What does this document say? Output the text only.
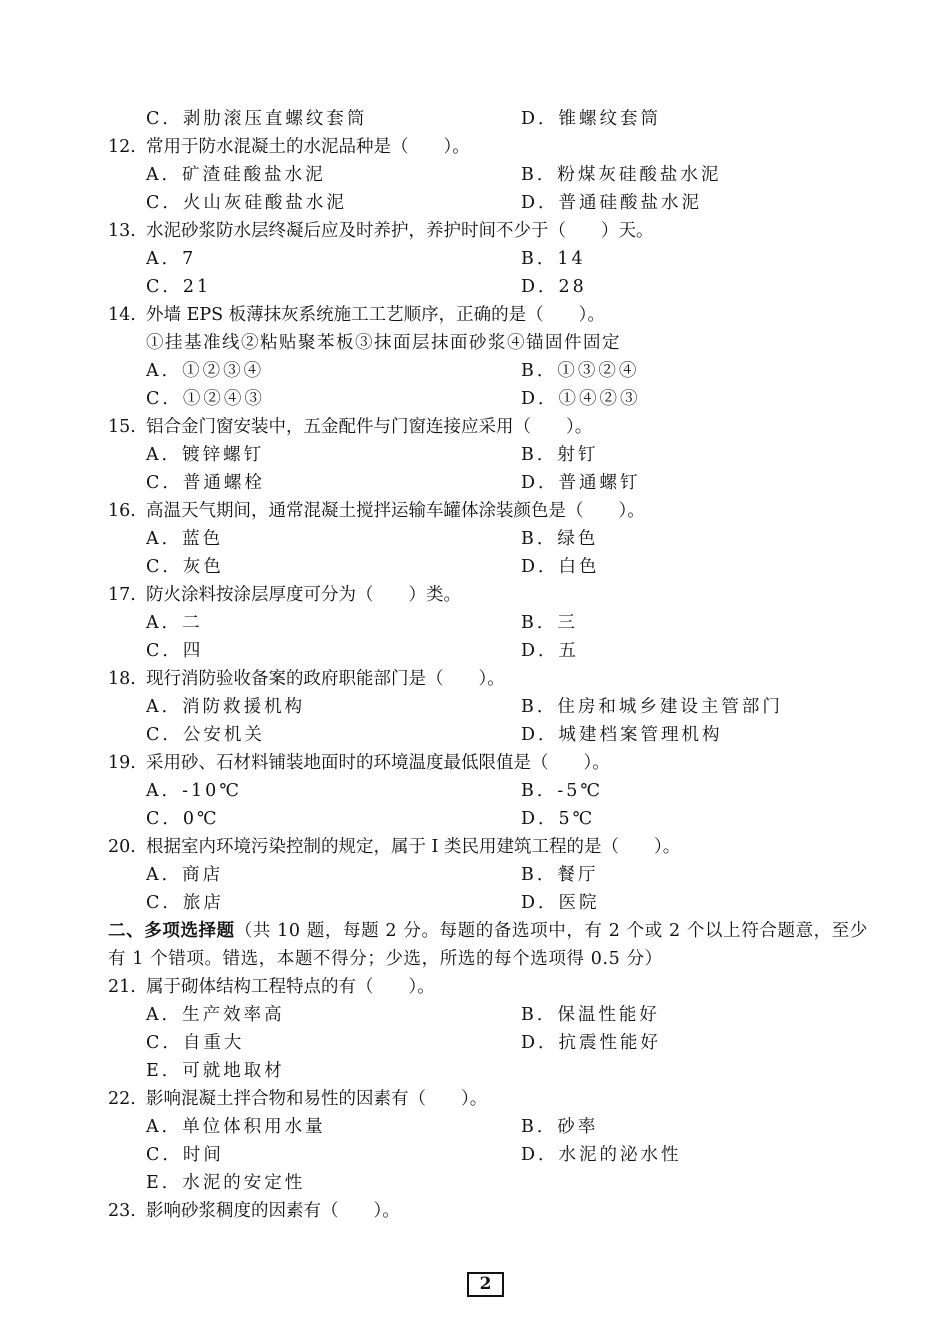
C．剥肋滚压直螺纹套筒	D．锥螺纹套筒
12. 常用于防水混凝土的水泥品种是（　　）。
A．矿渣硅酸盐水泥	B．粉煤灰硅酸盐水泥
C．火山灰硅酸盐水泥	D．普通硅酸盐水泥
13. 水泥砂浆防水层终凝后应及时养护，养护时间不少于（　　）天。
A．7	B．14
C．21	D．28
14. 外墙 EPS 板薄抹灰系统施工工艺顺序，正确的是（　　）。
①挂基准线②粘贴聚苯板③抹面层抹面砂浆④锚固件固定
A．①②③④	B．①③②④
C．①②④③	D．①④②③
15. 铝合金门窗安装中，五金配件与门窗连接应采用（　　）。
A．镀锌螺钉	B．射钉
C．普通螺栓	D．普通螺钉
16. 高温天气期间，通常混凝土搅拌运输车罐体涂装颜色是（　　）。
A．蓝色	B．绿色
C．灰色	D．白色
17. 防火涂料按涂层厚度可分为（　　）类。
A．二	B．三
C．四	D．五
18. 现行消防验收备案的政府职能部门是（　　）。
A．消防救援机构	B．住房和城乡建设主管部门
C．公安机关	D．城建档案管理机构
19. 采用砂、石材料铺装地面时的环境温度最低限值是（　　）。
A．-10℃	B．-5℃
C．0℃	D．5℃
20. 根据室内环境污染控制的规定，属于 I 类民用建筑工程的是（　　）。
A．商店	B．餐厅
C．旅店	D．医院
二、多项选择题（共 10 题，每题 2 分。每题的备选项中，有 2 个或 2 个以上符合题意，至少有 1 个错项。错选，本题不得分；少选，所选的每个选项得 0.5 分）
21. 属于砌体结构工程特点的有（　　）。
A．生产效率高	B．保温性能好
C．自重大	D．抗震性能好
E．可就地取材
22. 影响混凝土拌合物和易性的因素有（　　）。
A．单位体积用水量	B．砂率
C．时间	D．水泥的泌水性
E．水泥的安定性
23. 影响砂浆稠度的因素有（　　）。
2
